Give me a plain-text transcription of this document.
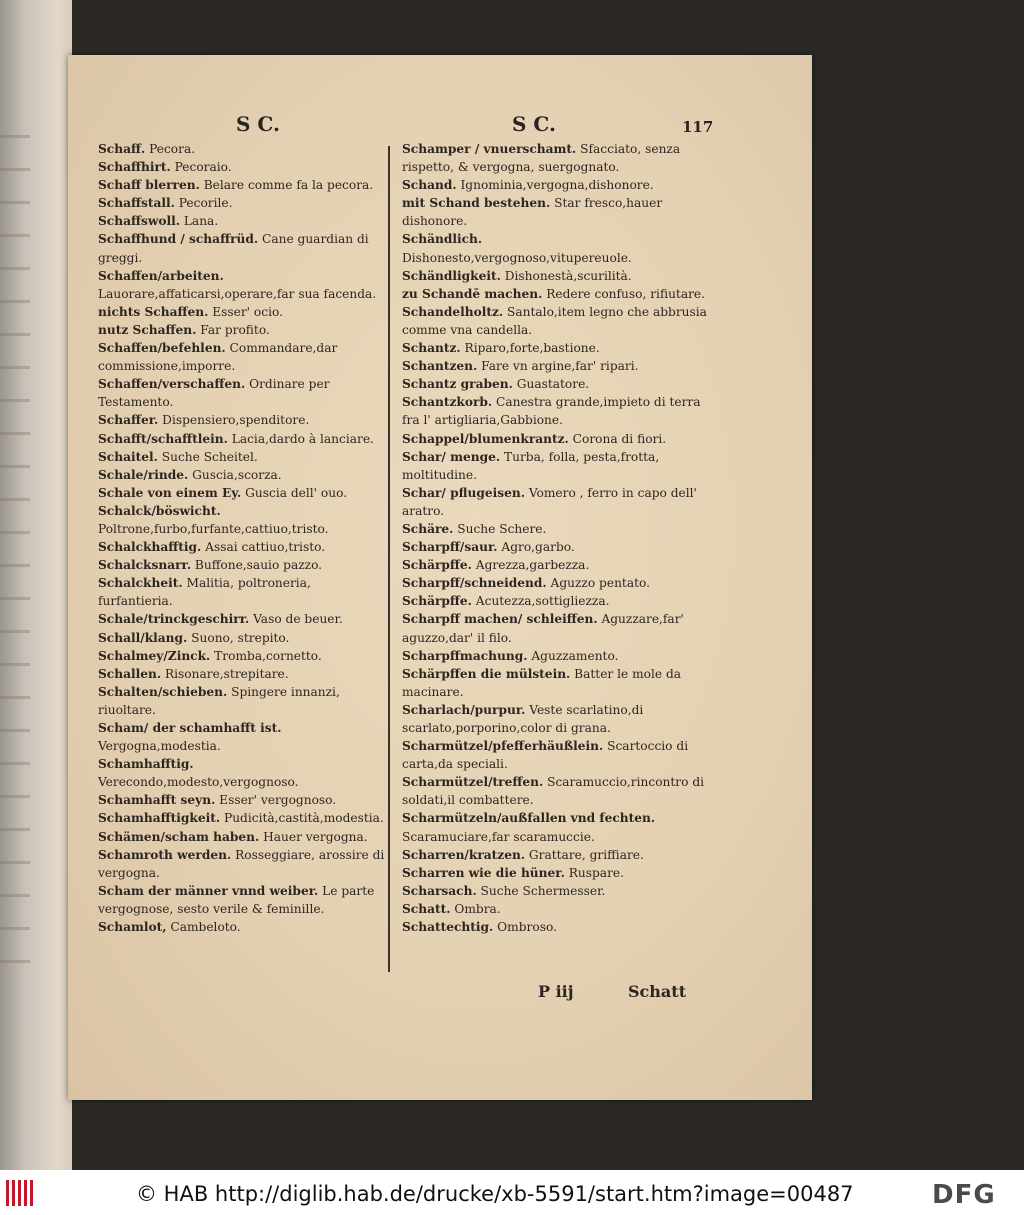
S C.	S C.	117

Schaff. Pecora.

Schaffhirt. Pecoraio.

Schaff blerren. Belare comme fa la pecora.

Schaffstall. Pecorile.

Schaffswoll. Lana.

Schaffhund / schaffrüd. Cane guardian di greggi.

Schaffen/arbeiten. Lauorare,affaticarsi,operare,far sua facenda.

nichts Schaffen. Esser' ocio.

nutz Schaffen. Far profito.

Schaffen/befehlen. Commandare,dar commissione,imporre.

Schaffen/verschaffen. Ordinare per Testamento.

Schaffer. Dispensiero,spenditore.

Schafft/schafftlein. Lacia,dardo à lanciare.

Schaitel. Suche Scheitel.

Schale/rinde. Guscia,scorza.

Schale von einem Ey. Guscia dell' ouo.

Schalck/böswicht. Poltrone,furbo,furfante,cattiuo,tristo.

Schalckhafftig. Assai cattiuo,tristo.

Schalcksnarr. Buffone,sauio pazzo.

Schalckheit. Malitia, poltroneria, furfantieria.

Schale/trinckgeschirr. Vaso de beuer.

Schall/klang. Suono, strepito.

Schalmey/Zinck. Tromba,cornetto.

Schallen. Risonare,strepitare.

Schalten/schieben. Spingere innanzi, riuoltare.

Scham/ der schamhafft ist. Vergogna,modestia.

Schamhafftig. Verecondo,modesto,vergognoso.

Schamhafft seyn. Esser' vergognoso.

Schamhafftigkeit. Pudicità,castità,modestia.

Schämen/scham haben. Hauer vergogna.

Schamroth werden. Rosseggiare, arossire di vergogna.

Scham der männer vnnd weiber. Le parte vergognose, sesto verile & feminille.

Schamlot, Cambeloto.

Schamper / vnuerschamt. Sfacciato, senza rispetto, & vergogna, suergognato.

Schand. Ignominia,vergogna,dishonore.

mit Schand bestehen. Star fresco,hauer dishonore.

Schändlich. Dishonesto,vergognoso,vitupereuole.

Schändligkeit. Dishonestà,scurilità.

zu Schandē machen. Redere confuso, rifiutare.

Schandelholtz. Santalo,item legno che abbrusia comme vna candella.

Schantz. Riparo,forte,bastione.

Schantzen. Fare vn argine,far' ripari.

Schantz graben. Guastatore.

Schantzkorb. Canestra grande,impieto di terra fra l' artigliaria,Gabbione.

Schappel/blumenkrantz. Corona di fiori.

Schar/ menge. Turba, folla, pesta,frotta, moltitudine.

Schar/ pflugeisen. Vomero , ferro in capo dell' aratro.

Schäre. Suche Schere.

Scharpff/saur. Agro,garbo.

Schärpffe. Agrezza,garbezza.

Scharpff/schneidend. Aguzzo pentato.

Schärpffe. Acutezza,sottigliezza.

Scharpff machen/ schleiffen. Aguzzare,far' aguzzo,dar' il filo.

Scharpffmachung. Aguzzamento.

Schärpffen die mülstein. Batter le mole da macinare.

Scharlach/purpur. Veste scarlatino,di scarlato,porporino,color di grana.

Scharmützel/pfefferhäußlein. Scartoccio di carta,da speciali.

Scharmützel/treffen. Scaramuccio,rincontro di soldati,il combattere.

Scharmützeln/außfallen vnd fechten. Scaramuciare,far scaramuccie.

Scharren/kratzen. Grattare, griffiare.

Scharren wie die hüner. Ruspare.

Scharsach. Suche Schermesser.

Schatt. Ombra.

Schattechtig. Ombroso.

P iij	Schatt
© HAB http://diglib.hab.de/drucke/xb-5591/start.htm?image=00487	DFG
